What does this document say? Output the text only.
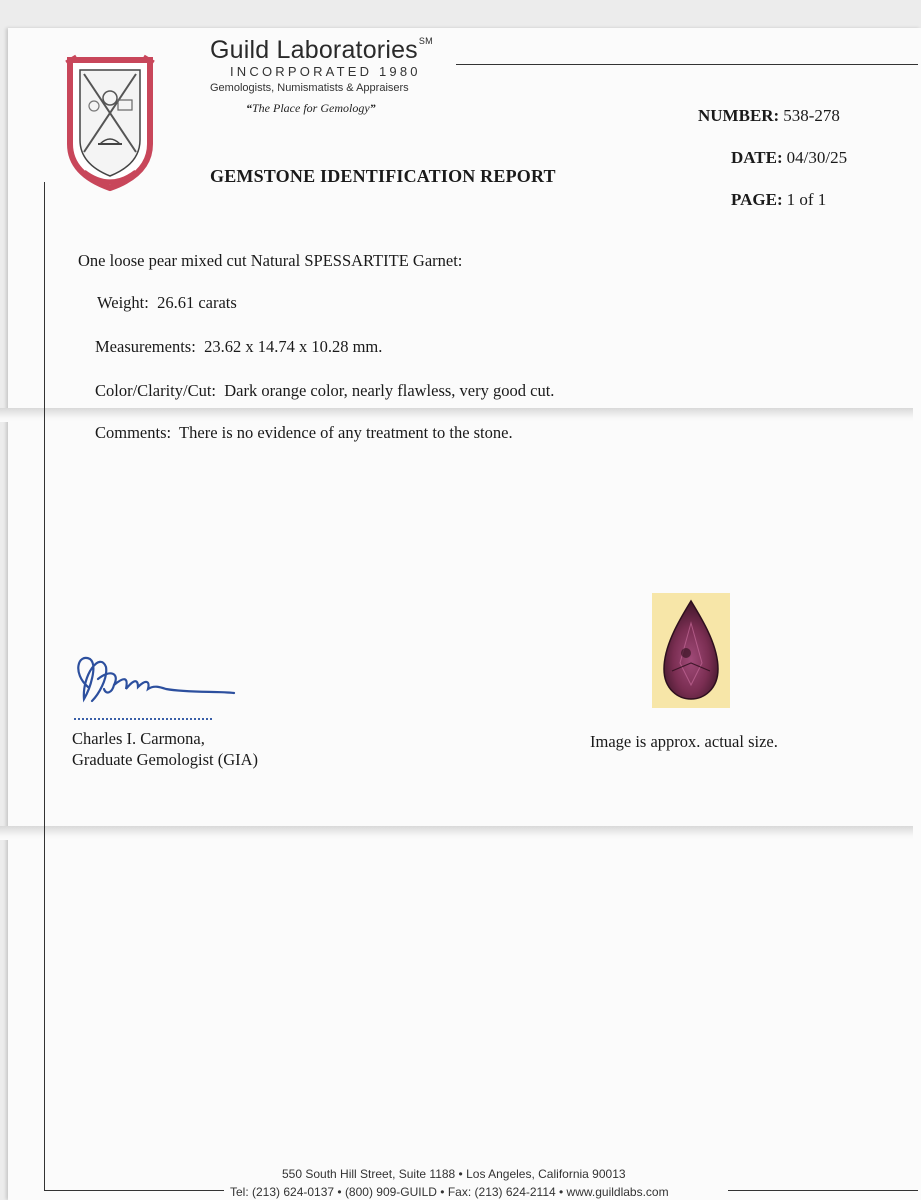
Guild Laboratories℠
INCORPORATED 1980
Gemologists, Numismatists & Appraisers
“The Place for Gemology”
GEMSTONE IDENTIFICATION REPORT
NUMBER: 538-278
DATE: 04/30/25
PAGE: 1 of 1
One loose pear mixed cut Natural SPESSARTITE Garnet:
Weight: 26.61 carats
Measurements: 23.62 x 14.74 x 10.28 mm.
Color/Clarity/Cut: Dark orange color, nearly flawless, very good cut.
Comments: There is no evidence of any treatment to the stone.
Charles I. Carmona,
Graduate Gemologist (GIA)
Image is approx. actual size.
550 South Hill Street, Suite 1188 • Los Angeles, California 90013
Tel: (213) 624-0137 • (800) 909-GUILD • Fax: (213) 624-2114 • www.guildlabs.com
